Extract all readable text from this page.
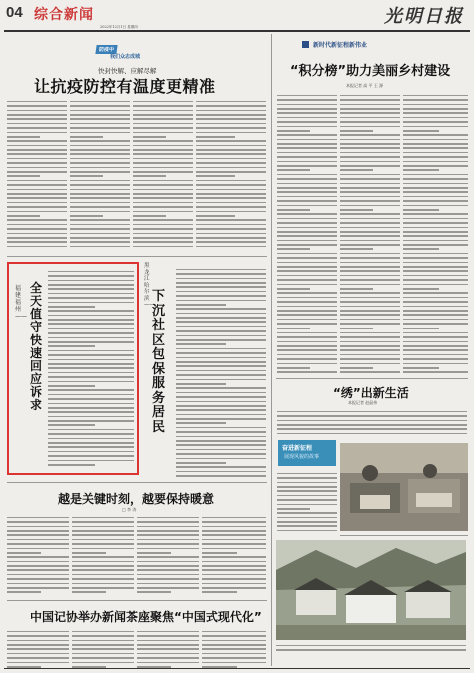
04 综合新闻
2022年12月1日 星期四	光明日报
防疫中
我们众志成城
快封快解、应解尽解
让抗疫防控有温度更精准
福建福州——
全天值守 快速回应诉求
黑龙江哈尔滨——
下沉社区 包保服务居民
越是关键时刻，越要保持暖意
□ 李 涛
中国记协举办新闻茶座聚焦“中国式现代化”
新时代新征程新伟业
“积分榜”助力美丽乡村建设
本报记者 高 平 王 源
“绣”出新生活
本报记者 赵晶伟
奋进新征程
展现风貌的故事
